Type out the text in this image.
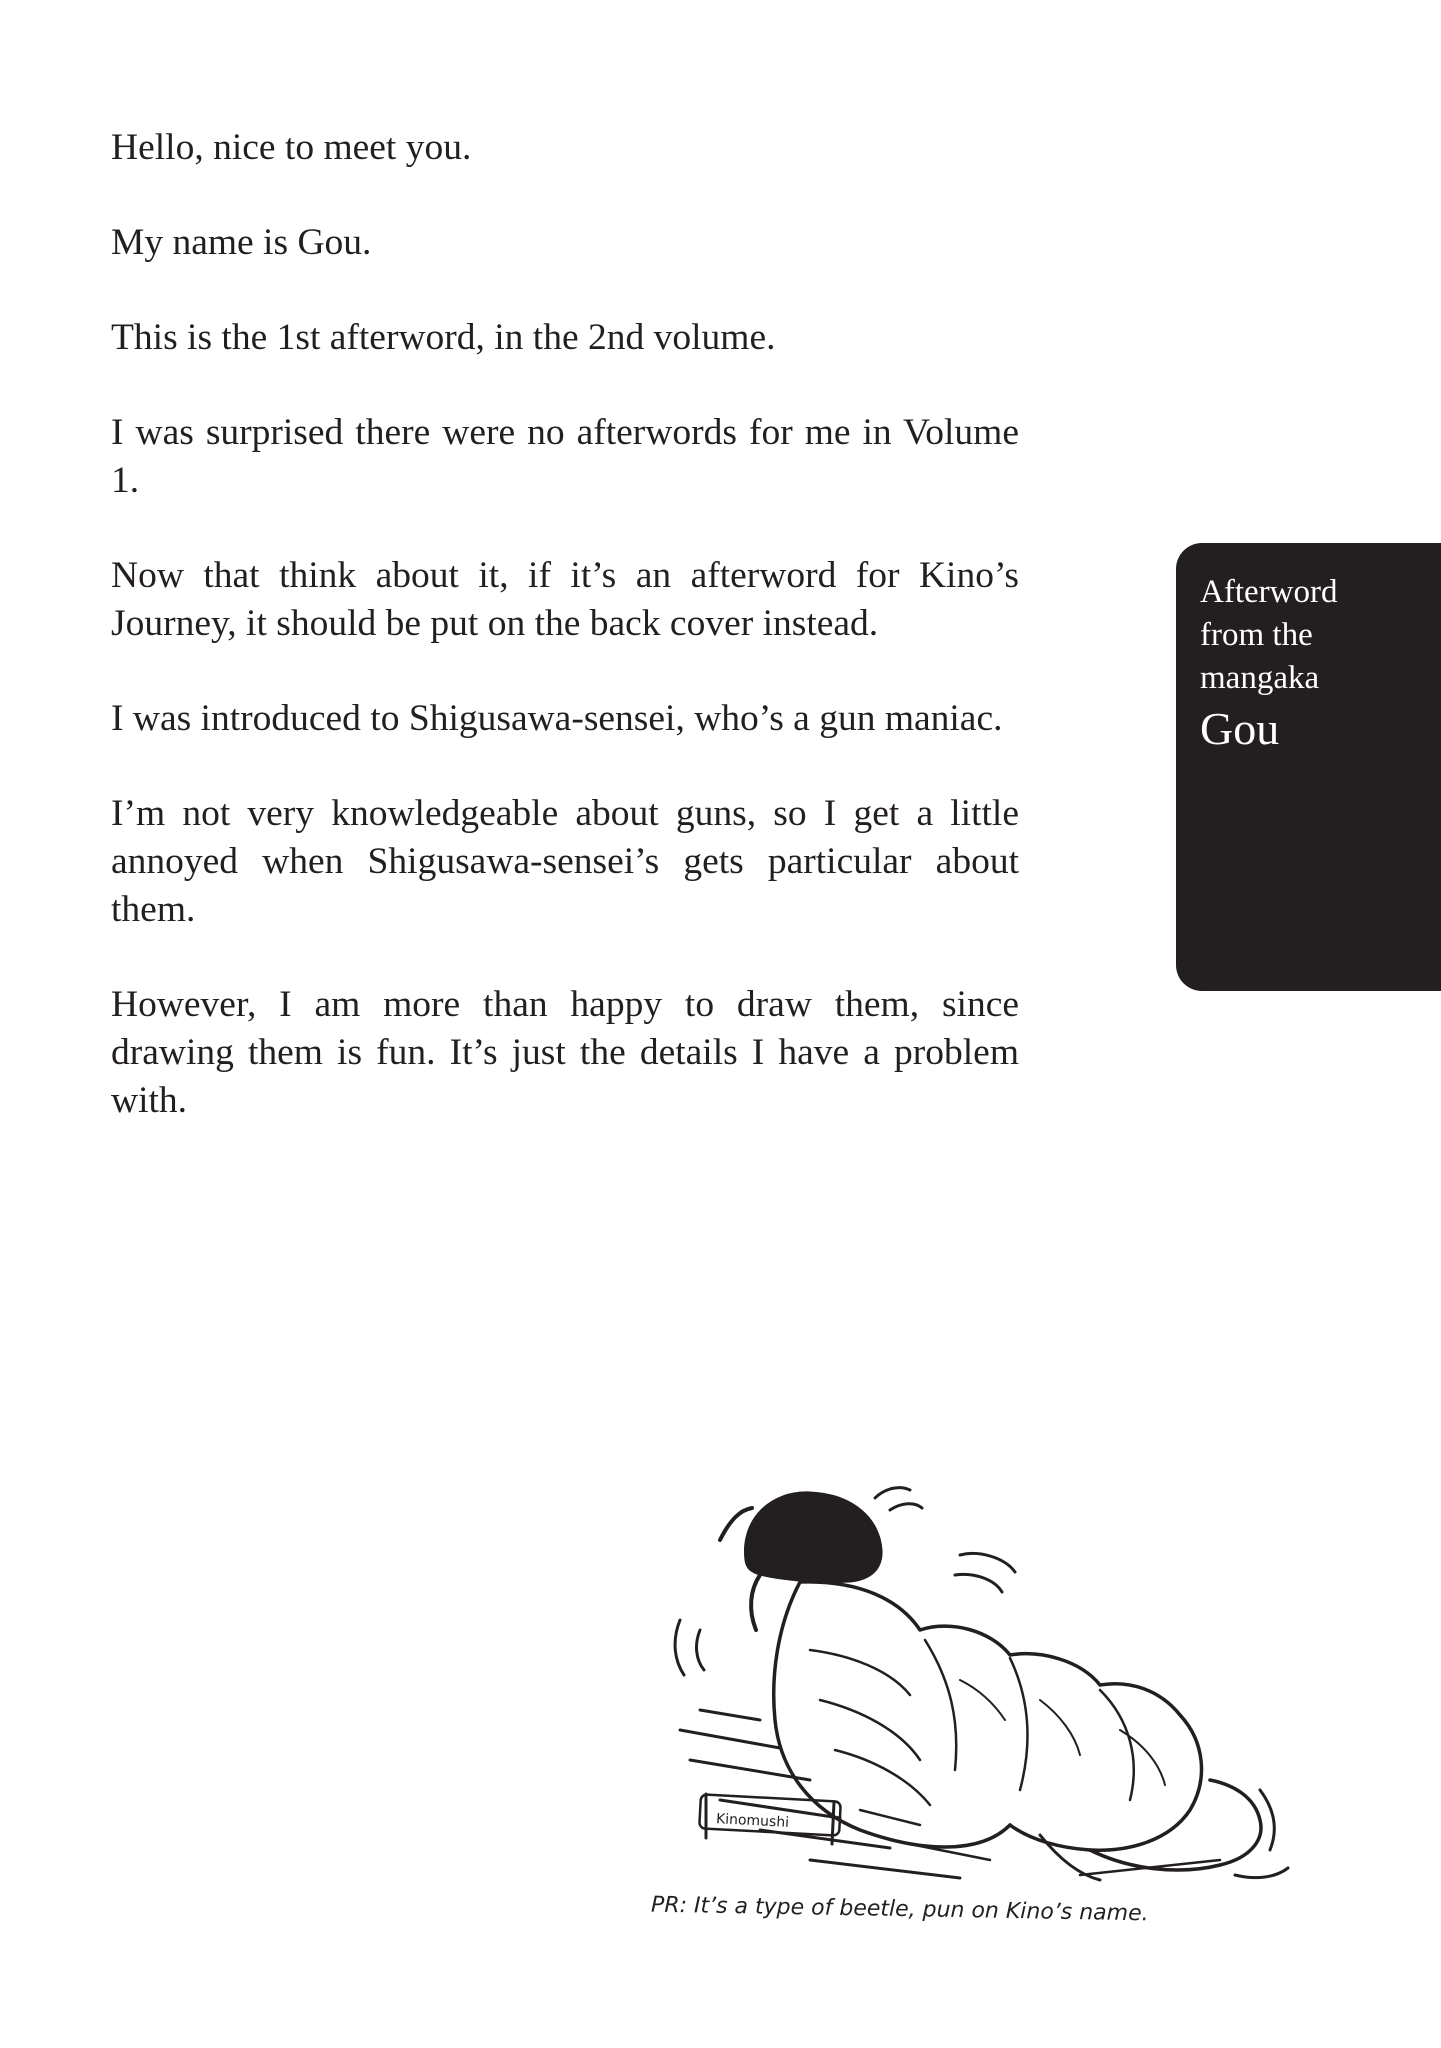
Hello, nice to meet you.

My name is Gou.

This is the 1st afterword, in the 2nd volume.

I was surprised there were no afterwords for me in Volume 1.

Now that think about it, if it’s an afterword for Kino’s Journey, it should be put on the back cover instead.

I was introduced to Shigusawa-sensei, who’s a gun maniac.

I’m not very knowledgeable about guns, so I get a little annoyed when Shigusawa-sensei’s gets particular about them.

However, I am more than happy to draw them, since drawing them is fun. It’s just the details I have a problem with.

Afterword

from the

mangaka

Gou

Kinomushi
PR: It’s a type of beetle, pun on Kino’s name.
